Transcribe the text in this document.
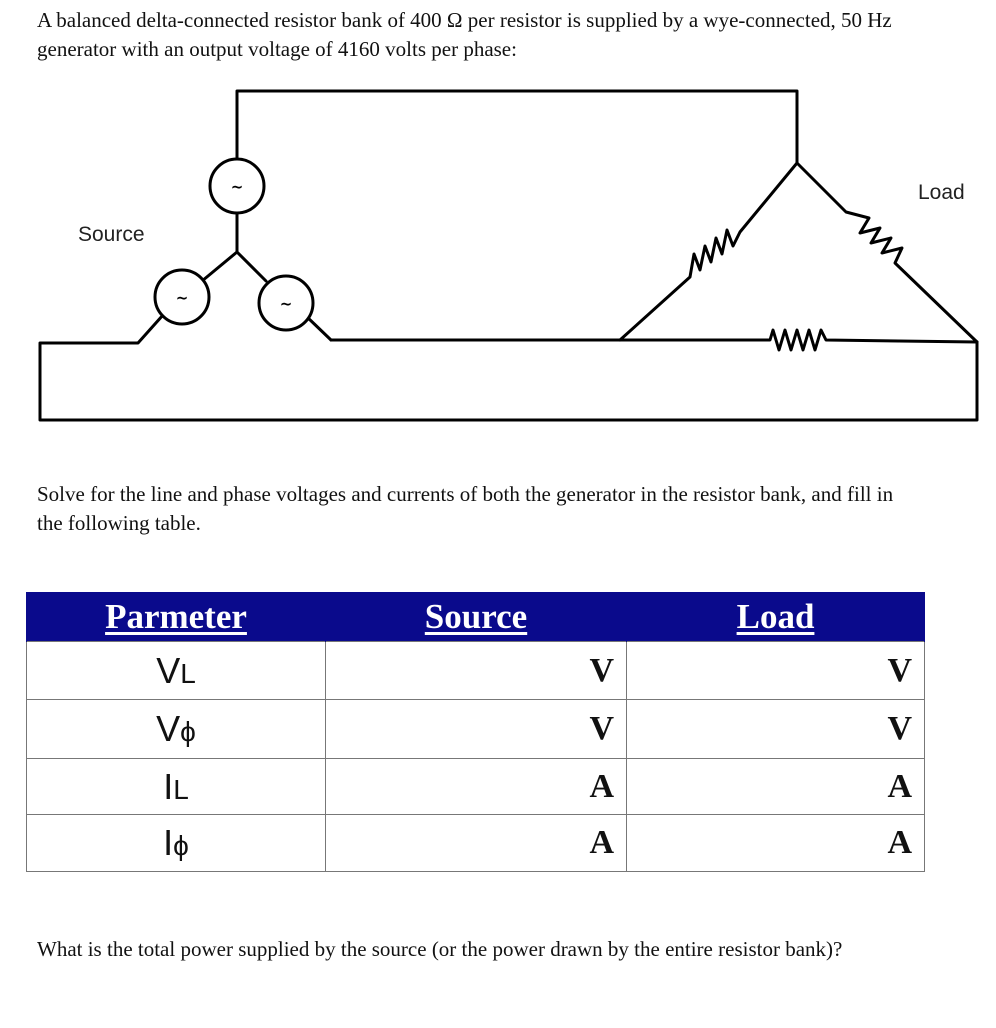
A balanced delta-connected resistor bank of 400 Ω per resistor is supplied by a wye-connected, 50 Hz generator with an output voltage of 4160 volts per phase:

~
~	~
Source
Load

Solve for the line and phase voltages and currents of both the generator in the resistor bank, and fill in the following table.

Parmeter	Source	Load
VL	V	V
Vϕ	V	V
IL	A	A
Iϕ	A	A

What is the total power supplied by the source (or the power drawn by the entire resistor bank)?
